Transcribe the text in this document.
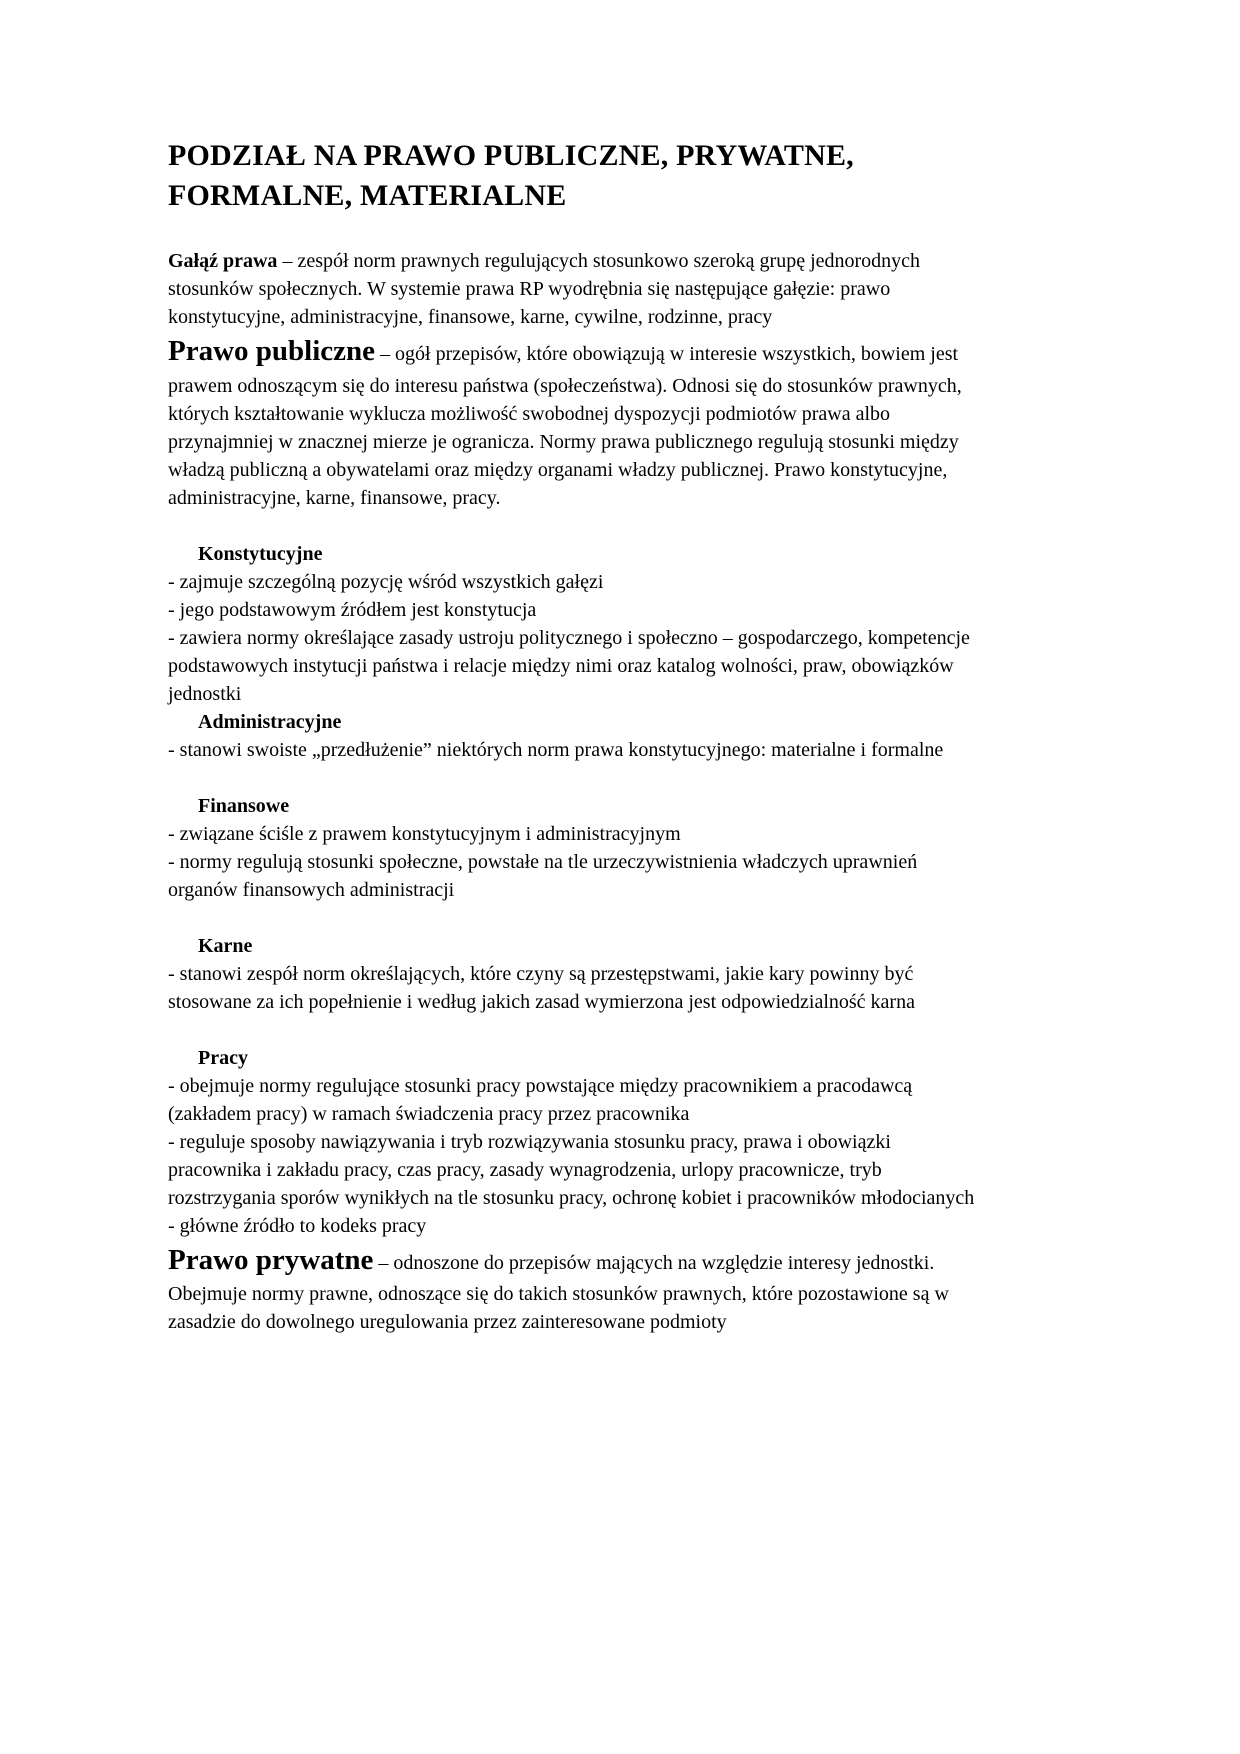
PODZIAŁ NA PRAWO PUBLICZNE, PRYWATNE,
FORMALNE, MATERIALNE

Gałąź prawa – zespół norm prawnych regulujących stosunkowo szeroką grupę jednorodnych stosunków społecznych. W systemie prawa RP wyodrębnia się następujące gałęzie: prawo konstytucyjne, administracyjne, finansowe, karne, cywilne, rodzinne, pracy

Prawo publiczne – ogół przepisów, które obowiązują w interesie wszystkich, bowiem jest prawem odnoszącym się do interesu państwa (społeczeństwa). Odnosi się do stosunków prawnych, których kształtowanie wyklucza możliwość swobodnej dyspozycji podmiotów prawa albo przynajmniej w znacznej mierze je ogranicza. Normy prawa publicznego regulują stosunki między władzą publiczną a obywatelami oraz między organami władzy publicznej. Prawo konstytucyjne, administracyjne, karne, finansowe, pracy.

Konstytucyjne

- zajmuje szczególną pozycję wśród wszystkich gałęzi

- jego podstawowym źródłem jest konstytucja

- zawiera normy określające zasady ustroju politycznego i społeczno – gospodarczego, kompetencje podstawowych instytucji państwa i relacje między nimi oraz katalog wolności, praw, obowiązków jednostki

Administracyjne

- stanowi swoiste „przedłużenie” niektórych norm prawa konstytucyjnego: materialne i formalne

Finansowe

- związane ściśle z prawem konstytucyjnym i administracyjnym

- normy regulują stosunki społeczne, powstałe na tle urzeczywistnienia władczych uprawnień organów finansowych administracji

Karne

- stanowi zespół norm określających, które czyny są przestępstwami, jakie kary powinny być stosowane za ich popełnienie i według jakich zasad wymierzona jest odpowiedzialność karna

Pracy

- obejmuje normy regulujące stosunki pracy powstające między pracownikiem a pracodawcą (zakładem pracy) w ramach świadczenia pracy przez pracownika

- reguluje sposoby nawiązywania i tryb rozwiązywania stosunku pracy, prawa i obowiązki pracownika i zakładu pracy, czas pracy, zasady wynagrodzenia, urlopy pracownicze, tryb rozstrzygania sporów wynikłych na tle stosunku pracy, ochronę kobiet i pracowników młodocianych

- główne źródło to kodeks pracy

Prawo prywatne – odnoszone do przepisów mających na względzie interesy jednostki. Obejmuje normy prawne, odnoszące się do takich stosunków prawnych, które pozostawione są w zasadzie do dowolnego uregulowania przez zainteresowane podmioty
